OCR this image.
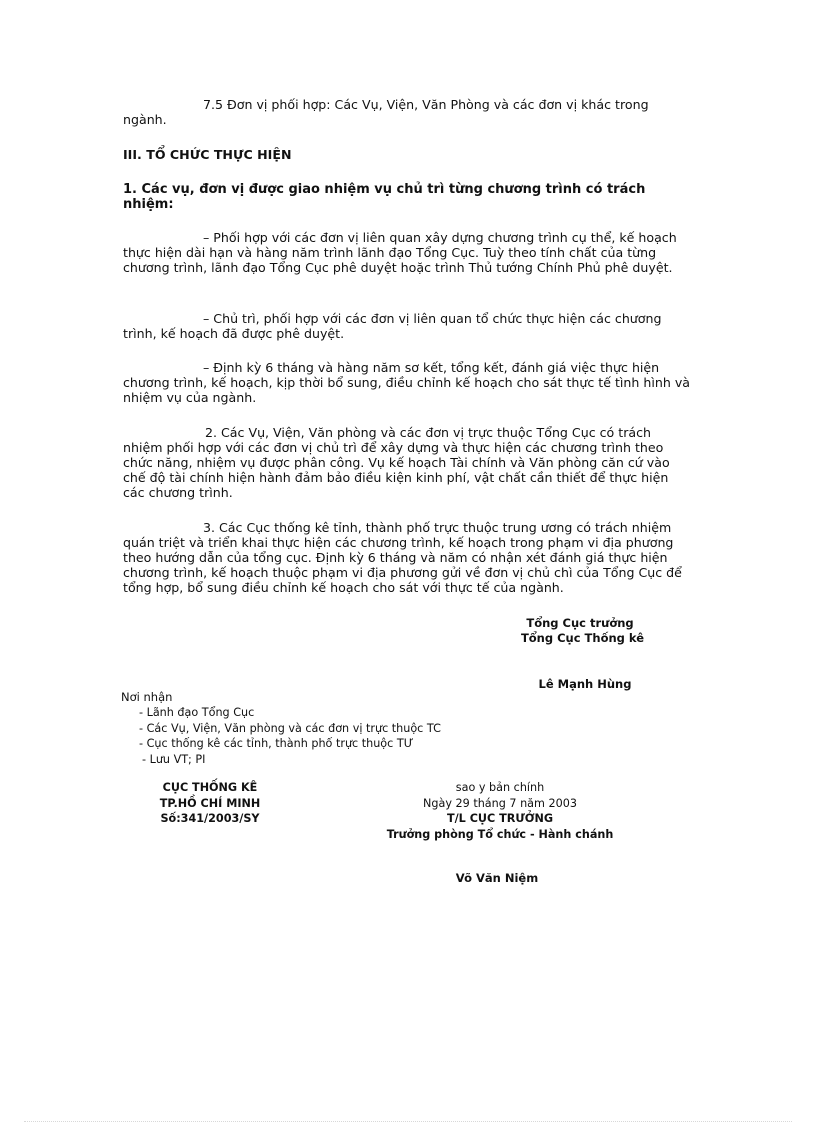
7.5 Đơn vị phối hợp: Các Vụ, Viện, Văn Phòng và các đơn vị khác trong
ngành.

III. TỔ CHỨC THỰC HIỆN

1. Các vụ, đơn vị được giao nhiệm vụ chủ trì từng chương trình có trách nhiệm:

– Phối hợp với các đơn vị liên quan xây dựng chương trình cụ thể, kế hoạch thực hiện dài hạn và hàng năm trình lãnh đạo Tổng Cục. Tuỳ theo tính chất của từng chương trình, lãnh đạo Tổng Cục phê duyệt hoặc trình Thủ tướng Chính Phủ phê duyệt.

– Chủ trì, phối hợp với các đơn vị liên quan tổ chức thực hiện các chương trình, kế hoạch đã được phê duyệt.

– Định kỳ 6 tháng và hàng năm sơ kết, tổng kết, đánh giá việc thực hiện chương trình, kế hoạch, kịp thời bổ sung, điều chỉnh kế hoạch cho sát thực tế tình hình và nhiệm vụ của ngành.

2. Các Vụ, Viện, Văn phòng và các đơn vị trực thuộc Tổng Cục có trách nhiệm phối hợp với các đơn vị chủ trì để xây dựng và thực hiện các chương trình theo chức năng, nhiệm vụ được phân công. Vụ kế hoạch Tài chính và Văn phòng căn cứ vào chế độ tài chính hiện hành đảm bảo điều kiện kinh phí, vật chất cần thiết để thực hiện các chương trình.

3. Các Cục thống kê tỉnh, thành phố trực thuộc trung ương có trách nhiệm quán triệt và triển khai thực hiện các chương trình, kế hoạch trong phạm vi địa phương theo hướng dẫn của tổng cục. Định kỳ 6 tháng và năm có nhận xét đánh giá thực hiện chương trình, kế hoạch thuộc phạm vi địa phương gửi về đơn vị chủ chì của Tổng Cục để tổng hợp, bổ sung điều chỉnh kế hoạch cho sát với thực tế của ngành.

Tổng Cục trưởng
Tổng Cục Thống kê
Lê Mạnh Hùng
Nơi nhận
- Lãnh đạo Tổng Cục
- Các Vụ, Viện, Văn phòng và các đơn vị trực thuộc TC
- Cục thống kê các tỉnh, thành phố trực thuộc TƯ
- Lưu VT; PI
CỤC THỐNG KÊ
TP.HỒ CHÍ MINH
Số:341/2003/SY
sao y bản chính
Ngày 29 tháng 7 năm 2003
T/L CỤC TRƯỞNG
Trưởng phòng Tổ chức - Hành chánh
Võ Văn Niệm
